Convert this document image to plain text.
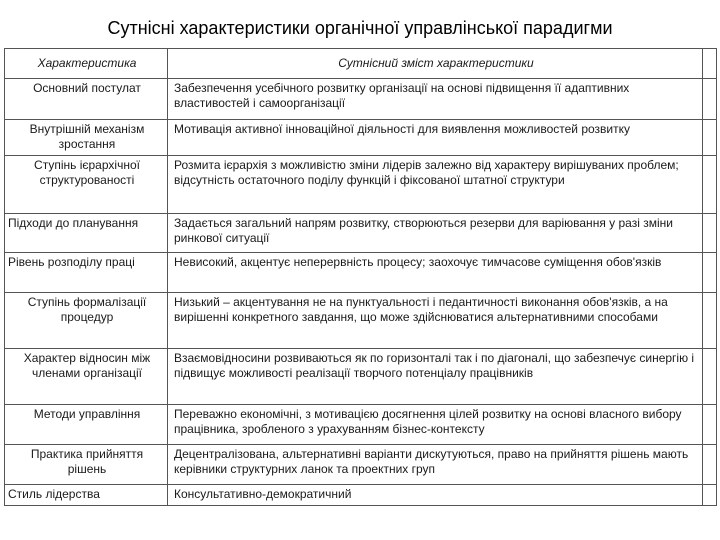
Сутнісні характеристики органічної управлінської парадигми
Характеристика	Сутнісний зміст характеристики	
Основний постулат	Забезпечення усебічного розвитку організації на основі підвищення її адаптивних властивостей і самоорганізації	
Внутрішній механізм зростання	Мотивація активної інноваційної діяльності для виявлення можливостей розвитку	
Ступінь ієрархічної структурованості	Розмита ієрархія з можливістю зміни лідерів залежно від характеру вирішуваних проблем; відсутність остаточного поділу функцій і фіксованої штатної структури	
Підходи до планування	Задається загальний напрям розвитку, створюються резерви для варіювання у разі зміни ринкової ситуації	
Рівень розподілу праці	Невисокий, акцентує неперервність процесу; заохочує тимчасове суміщення обов'язків	
Ступінь формалізації процедур	Низький – акцентування не на пунктуальності і педантичності виконання обов'язків, а на вирішенні конкретного завдання, що може здійснюватися альтернативними способами	
Характер відносин між членами організації	Взаємовідносини розвиваються як по горизонталі так і по діагоналі, що забезпечує синергію і підвищує можливості реалізації творчого потенціалу працівників	
Методи управління	Переважно економічні, з мотивацією досягнення цілей розвитку на основі власного вибору працівника, зробленого з урахуванням бізнес-контексту	
Практика прийняття рішень	Децентралізована, альтернативні варіанти дискутуються, право на прийняття рішень мають керівники структурних ланок та проектних груп	
Стиль лідерства	Консультативно-демократичний	
